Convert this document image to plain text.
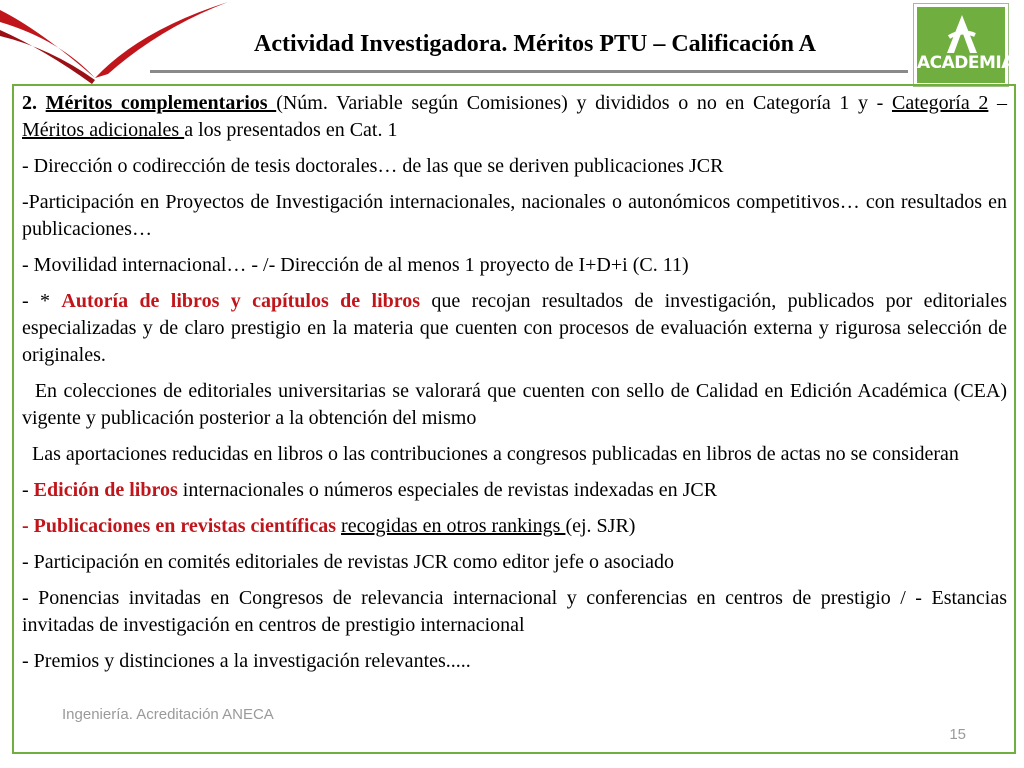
Actividad Investigadora. Méritos PTU – Calificación A
ACADEMIA

2. Méritos complementarios (Núm. Variable según Comisiones) y divididos o no en Categoría 1 y - Categoría 2 – Méritos adicionales a los presentados en Cat. 1

- Dirección o codirección de tesis doctorales… de las que se deriven publicaciones JCR

-Participación en Proyectos de Investigación internacionales, nacionales o autonómicos competitivos… con resultados en publicaciones…

- Movilidad internacional… - /- Dirección de al menos 1 proyecto de I+D+i (C. 11)

- * Autoría de libros y capítulos de libros que recojan resultados de investigación, publicados por editoriales especializadas y de claro prestigio en la materia que cuenten con procesos de evaluación externa y rigurosa selección de originales.

En colecciones de editoriales universitarias se valorará que cuenten con sello de Calidad en Edición Académica (CEA) vigente y publicación posterior a la obtención del mismo

Las aportaciones reducidas en libros o las contribuciones a congresos publicadas en libros de actas no se consideran

- Edición de libros internacionales o números especiales de revistas indexadas en JCR

- Publicaciones en revistas científicas recogidas en otros rankings (ej. SJR)

- Participación en comités editoriales de revistas JCR como editor jefe o asociado

- Ponencias invitadas en Congresos de relevancia internacional y conferencias en centros de prestigio / - Estancias invitadas de investigación en centros de prestigio internacional

- Premios y distinciones a la investigación relevantes.....

Ingeniería. Acreditación ANECA
15
